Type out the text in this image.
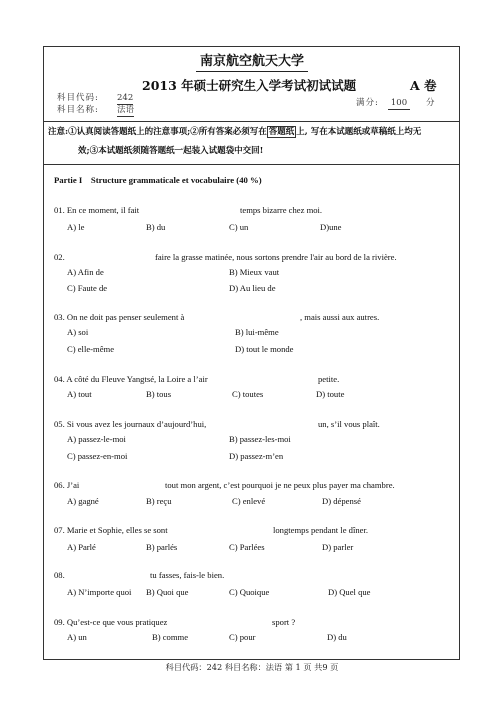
南京航空航天大学
2013 年硕士研究生入学考试初试试题	A 卷
科目代码: 242
科目名称: 法语
满分:	100	分
注意:①认真阅读答题纸上的注意事项;②所有答案必须写在 答题纸 上, 写在本试题纸或草稿纸上均无
效;③本试题纸须随答题纸一起装入试题袋中交回!
Partie I    Structure grammaticale et vocabulaire (40 %)
01. En ce moment, il fait	temps bizarre chez moi.
A) le	B) du	C) un	D)une
02.	faire la grasse matinée, nous sortons prendre l'air au bord de la rivière.
A) Afin de	B) Mieux vaut
C) Faute de	D) Au lieu de
03. On ne doit pas penser seulement à	, mais aussi aux autres.
A) soi	B) lui-même
C) elle-même	D) tout le monde
04. A côté du Fleuve Yangtsé, la Loire a l’air	petite.
A) tout	B) tous	C) toutes	D) toute
05. Si vous avez les journaux d’aujourd’hui,	un, s’il vous plaît.
A) passez-le-moi	B) passez-les-moi
C) passez-en-moi	D) passez-m’en
06. J’ai	tout mon argent, c’est pourquoi je ne peux plus payer ma chambre.
A) gagné	B) reçu	C) enlevé	D) dépensé
07. Marie et Sophie, elles se sont	longtemps pendant le dîner.
A) Parlé	B) parlés	C) Parlées	D) parler
08.	tu fasses, fais-le bien.
A) N’importe quoi B) Quoi que	C) Quoique	D) Quel que
09. Qu’est-ce que vous pratiquez	sport ?
A) un	B) comme	C) pour	D) du
科目代码：242 科目名称：法语 第 1 页 共9 页
